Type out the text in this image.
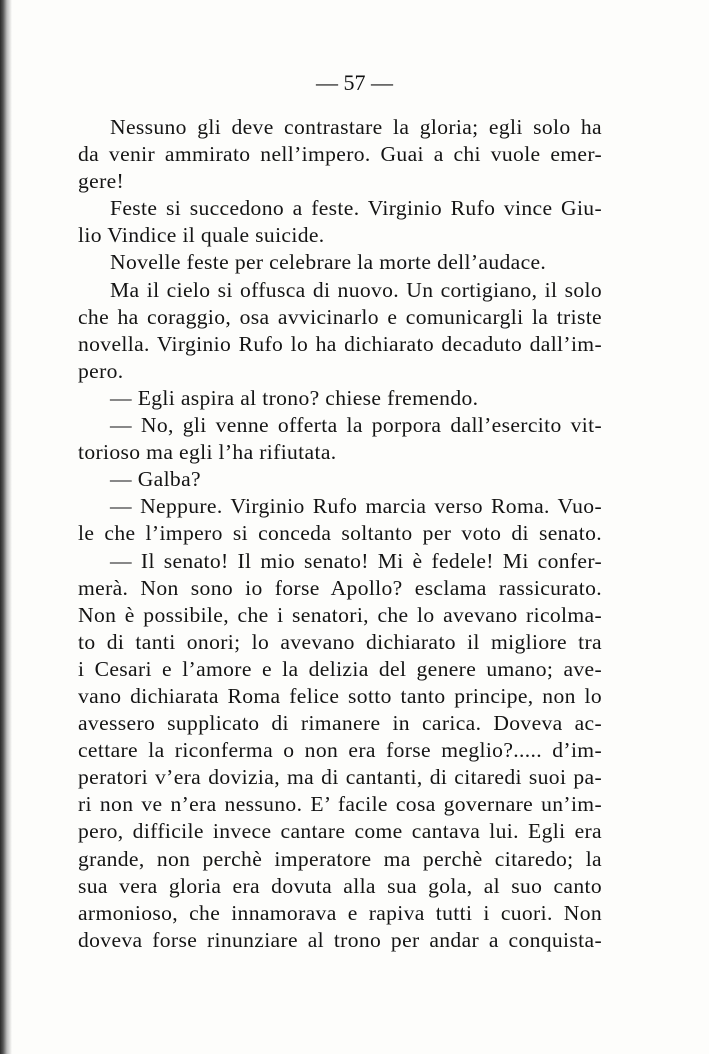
— 57 —
Nessuno gli deve contrastare la gloria; egli solo ha
da venir ammirato nell’impero. Guai a chi vuole emer-
gere!
Feste si succedono a feste. Virginio Rufo vince Giu-
lio Vindice il quale suicide.
Novelle feste per celebrare la morte dell’audace.
Ma il cielo si offusca di nuovo. Un cortigiano, il solo
che ha coraggio, osa avvicinarlo e comunicargli la triste
novella. Virginio Rufo lo ha dichiarato decaduto dall’im-
pero.
— Egli aspira al trono? chiese fremendo.
— No, gli venne offerta la porpora dall’esercito vit-
torioso ma egli l’ha rifiutata.
— Galba?
— Neppure. Virginio Rufo marcia verso Roma. Vuo-
le che l’impero si conceda soltanto per voto di senato.
— Il senato! Il mio senato! Mi è fedele! Mi confer-
merà. Non sono io forse Apollo? esclama rassicurato.
Non è possibile, che i senatori, che lo avevano ricolma-
to di tanti onori; lo avevano dichiarato il migliore tra
i Cesari e l’amore e la delizia del genere umano; ave-
vano dichiarata Roma felice sotto tanto principe, non lo
avessero supplicato di rimanere in carica. Doveva ac-
cettare la riconferma o non era forse meglio?..... d’im-
peratori v’era dovizia, ma di cantanti, di citaredi suoi pa-
ri non ve n’era nessuno. E’ facile cosa governare un’im-
pero, difficile invece cantare come cantava lui. Egli era
grande, non perchè imperatore ma perchè citaredo; la
sua vera gloria era dovuta alla sua gola, al suo canto
armonioso, che innamorava e rapiva tutti i cuori. Non
doveva forse rinunziare al trono per andar a conquista-
